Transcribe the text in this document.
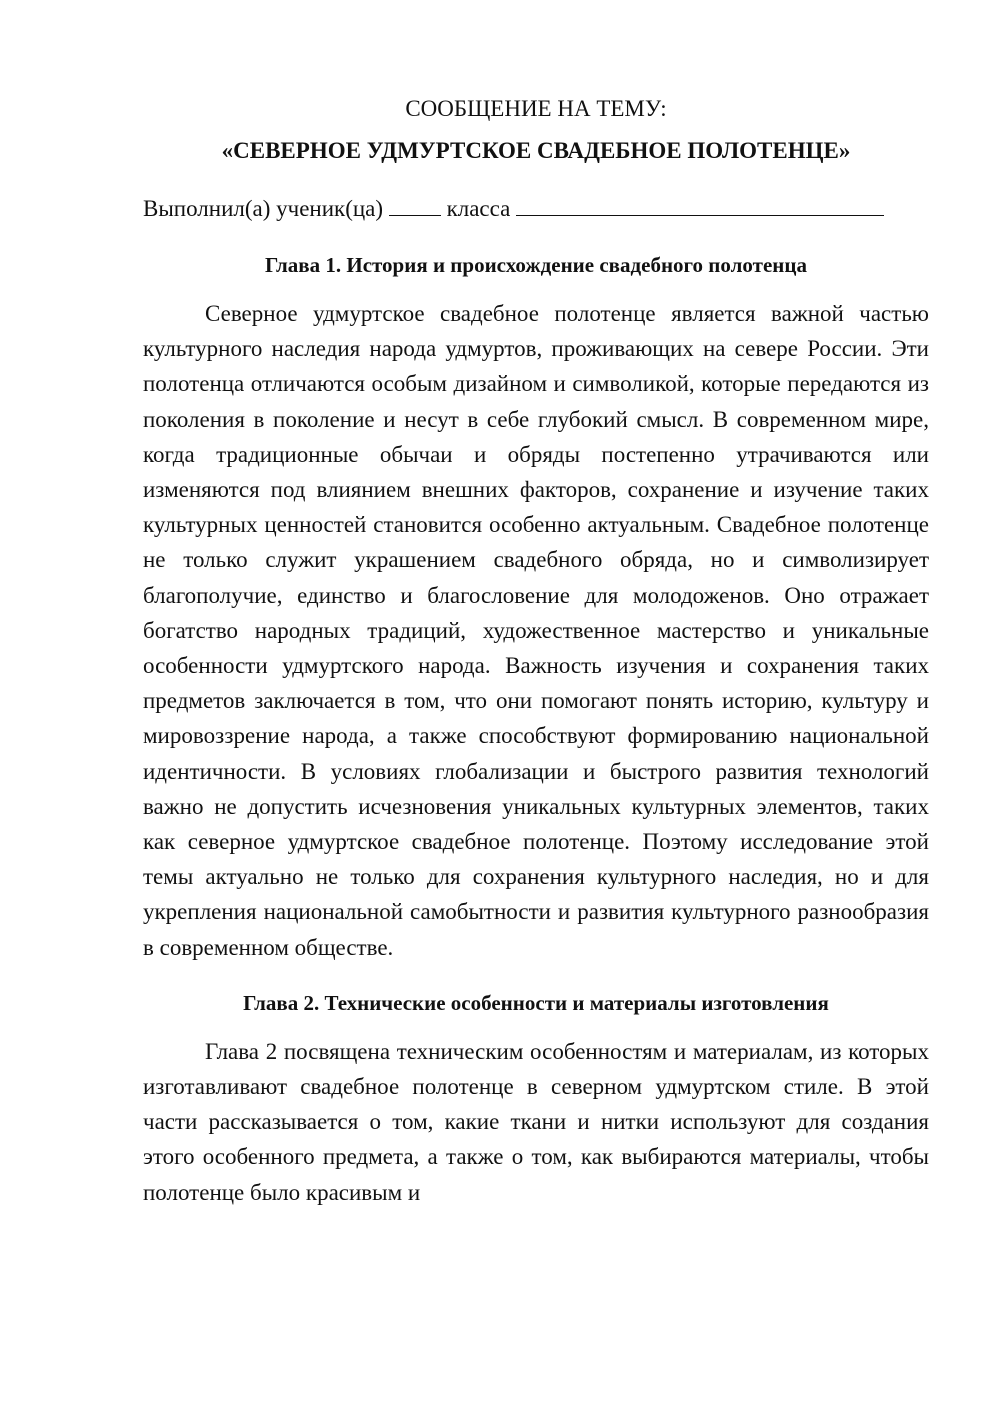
СООБЩЕНИЕ НА ТЕМУ:
«СЕВЕРНОЕ УДМУРТСКОЕ СВАДЕБНОЕ ПОЛОТЕНЦЕ»
Выполнил(а) ученик(ца)	класса
Глава 1. История и происхождение свадебного полотенца

Северное удмуртское свадебное полотенце является важной частью культурного наследия народа удмуртов, проживающих на севере России. Эти полотенца отличаются особым дизайном и символикой, которые передаются из поколения в поколение и несут в себе глубокий смысл. В современном мире, когда традиционные обычаи и обряды постепенно утрачиваются или изменяются под влиянием внешних факторов, сохранение и изучение таких культурных ценностей становится особенно актуальным. Свадебное полотенце не только служит украшением свадебного обряда, но и символизирует благополучие, единство и благословение для молодоженов. Оно отражает богатство народных традиций, художественное мастерство и уникальные особенности удмуртского народа. Важность изучения и сохранения таких предметов заключается в том, что они помогают понять историю, культуру и мировоззрение народа, а также способствуют формированию национальной идентичности. В условиях глобализации и быстрого развития технологий важно не допустить исчезновения уникальных культурных элементов, таких как северное удмуртское свадебное полотенце. Поэтому исследование этой темы актуально не только для сохранения культурного наследия, но и для укрепления национальной самобытности и развития культурного разнообразия в современном обществе.

Глава 2. Технические особенности и материалы изготовления

Глава 2 посвящена техническим особенностям и материалам, из которых изготавливают свадебное полотенце в северном удмуртском стиле. В этой части рассказывается о том, какие ткани и нитки используют для создания этого особенного предмета, а также о том, как выбираются материалы, чтобы полотенце было красивым и
